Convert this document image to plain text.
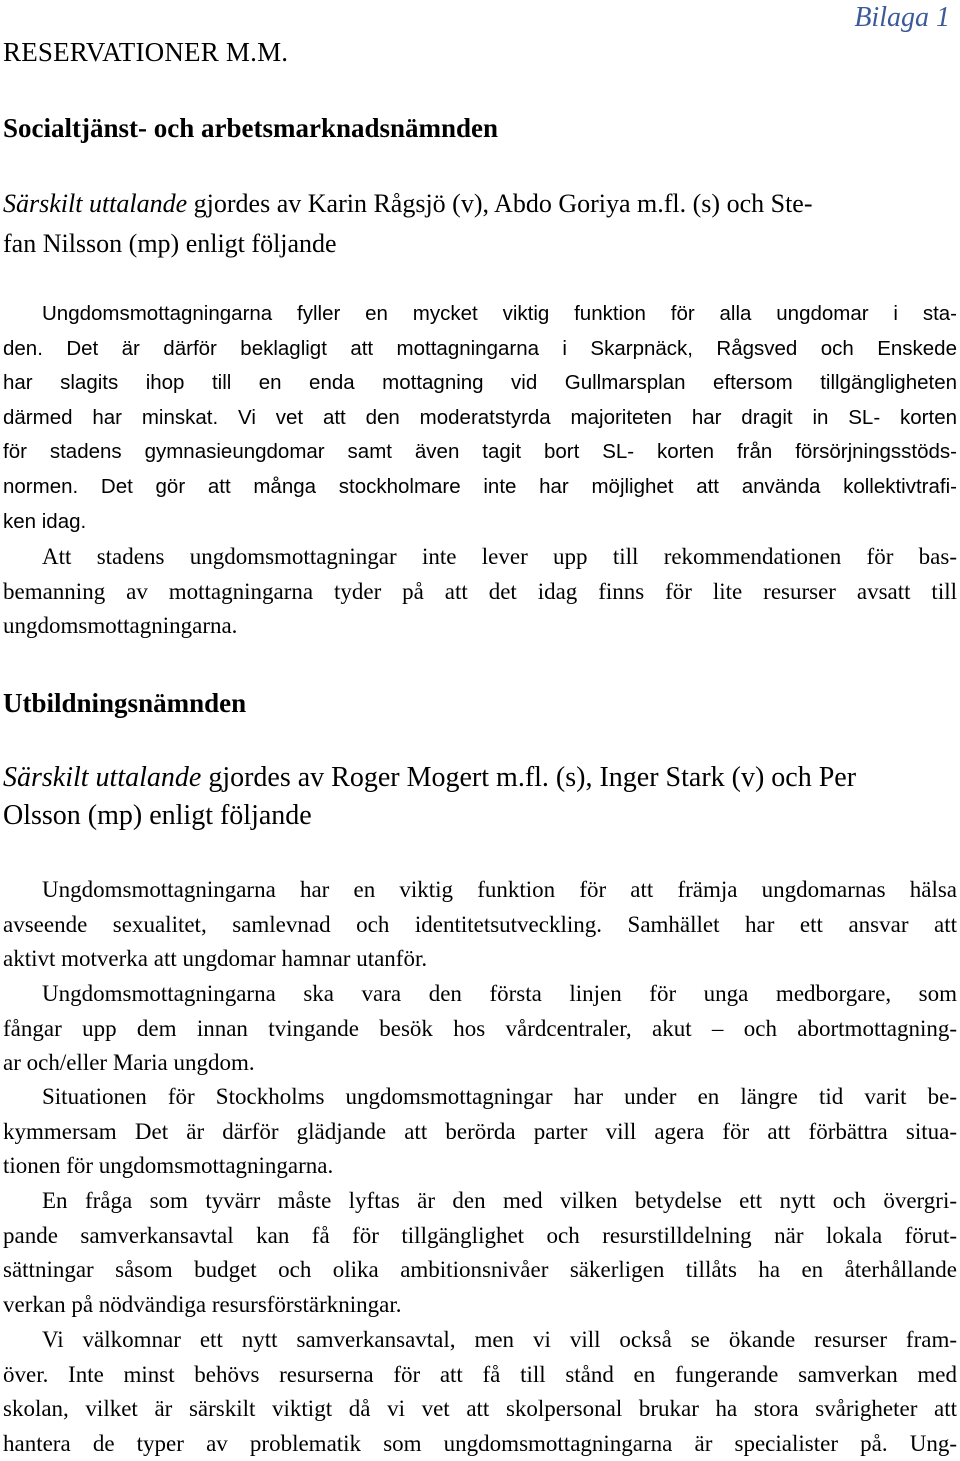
Bilaga 1

RESERVATIONER M.M.

Socialtjänst- och arbetsmarknadsnämnden

Särskilt uttalande gjordes av Karin Rågsjö (v), Abdo Goriya m.fl. (s) och Ste-

fan Nilsson (mp) enligt följande

Ungdomsmottagningarna fyller en mycket viktig funktion för alla ungdomar i sta-
den. Det är därför beklagligt att mottagningarna i Skarpnäck, Rågsved och Enskede
har slagits ihop till en enda mottagning vid Gullmarsplan eftersom tillgängligheten
därmed har minskat. Vi vet att den moderatstyrda majoriteten har dragit in SL- korten
för stadens gymnasieungdomar samt även tagit bort SL- korten från försörjningsstöds-
normen. Det gör att många stockholmare inte har möjlighet att använda kollektivtrafi-
ken idag.
Att stadens ungdomsmottagningar inte lever upp till rekommendationen för bas-
bemanning av mottagningarna tyder på att det idag finns för lite resurser avsatt till
ungdomsmottagningarna.

Utbildningsnämnden

Särskilt uttalande gjordes av Roger Mogert m.fl. (s), Inger Stark (v) och Per

Olsson (mp) enligt följande

Ungdomsmottagningarna har en viktig funktion för att främja ungdomarnas hälsa
avseende sexualitet, samlevnad och identitetsutveckling. Samhället har ett ansvar att
aktivt motverka att ungdomar hamnar utanför.
Ungdomsmottagningarna ska vara den första linjen för unga medborgare, som
fångar upp dem innan tvingande besök hos vårdcentraler, akut – och abortmottagning-
ar och/eller Maria ungdom.
Situationen för Stockholms ungdomsmottagningar har under en längre tid varit be-
kymmersam Det är därför glädjande att berörda parter vill agera för att förbättra situa-
tionen för ungdomsmottagningarna.
En fråga som tyvärr måste lyftas är den med vilken betydelse ett nytt och övergri-
pande samverkansavtal kan få för tillgänglighet och resurstilldelning när lokala förut-
sättningar såsom budget och olika ambitionsnivåer säkerligen tillåts ha en återhållande
verkan på nödvändiga resursförstärkningar.
Vi välkomnar ett nytt samverkansavtal, men vi vill också se ökande resurser fram-
över. Inte minst behövs resurserna för att få till stånd en fungerande samverkan med
skolan, vilket är särskilt viktigt då vi vet att skolpersonal brukar ha stora svårigheter att
hantera de typer av problematik som ungdomsmottagningarna är specialister på. Ung-
